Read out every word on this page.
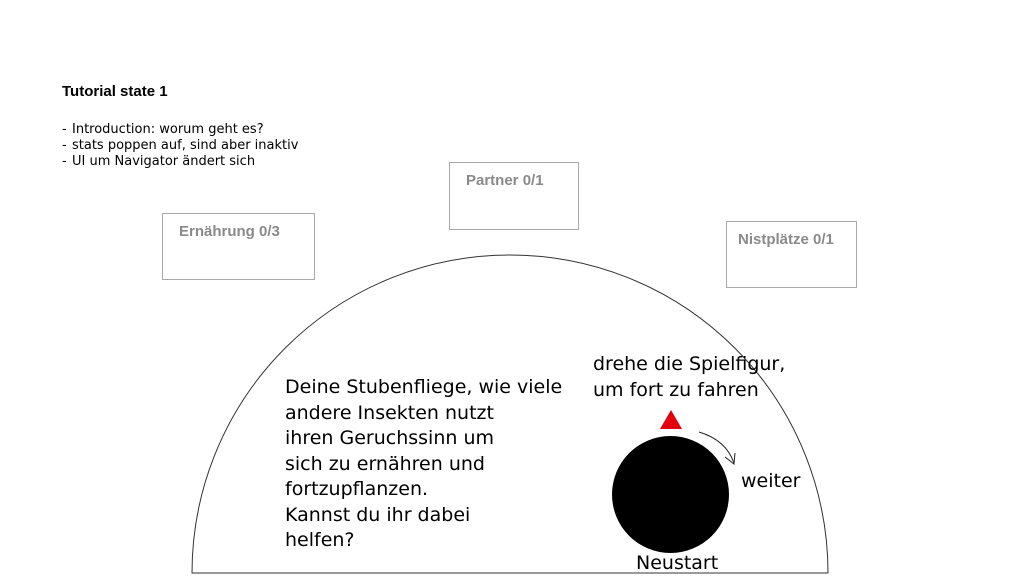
Tutorial state 1
- Introduction: worum geht es?
- stats poppen auf, sind aber inaktiv
- UI um Navigator ändert sich
Ernährung 0/3
Partner 0/1
Nistplätze 0/1
Deine Stubenfliege, wie viele
andere Insekten nutzt
ihren Geruchssinn um
sich zu ernähren und
fortzupflanzen.
Kannst du ihr dabei
helfen?
drehe die Spielfigur,
um fort zu fahren
weiter
Neustart
